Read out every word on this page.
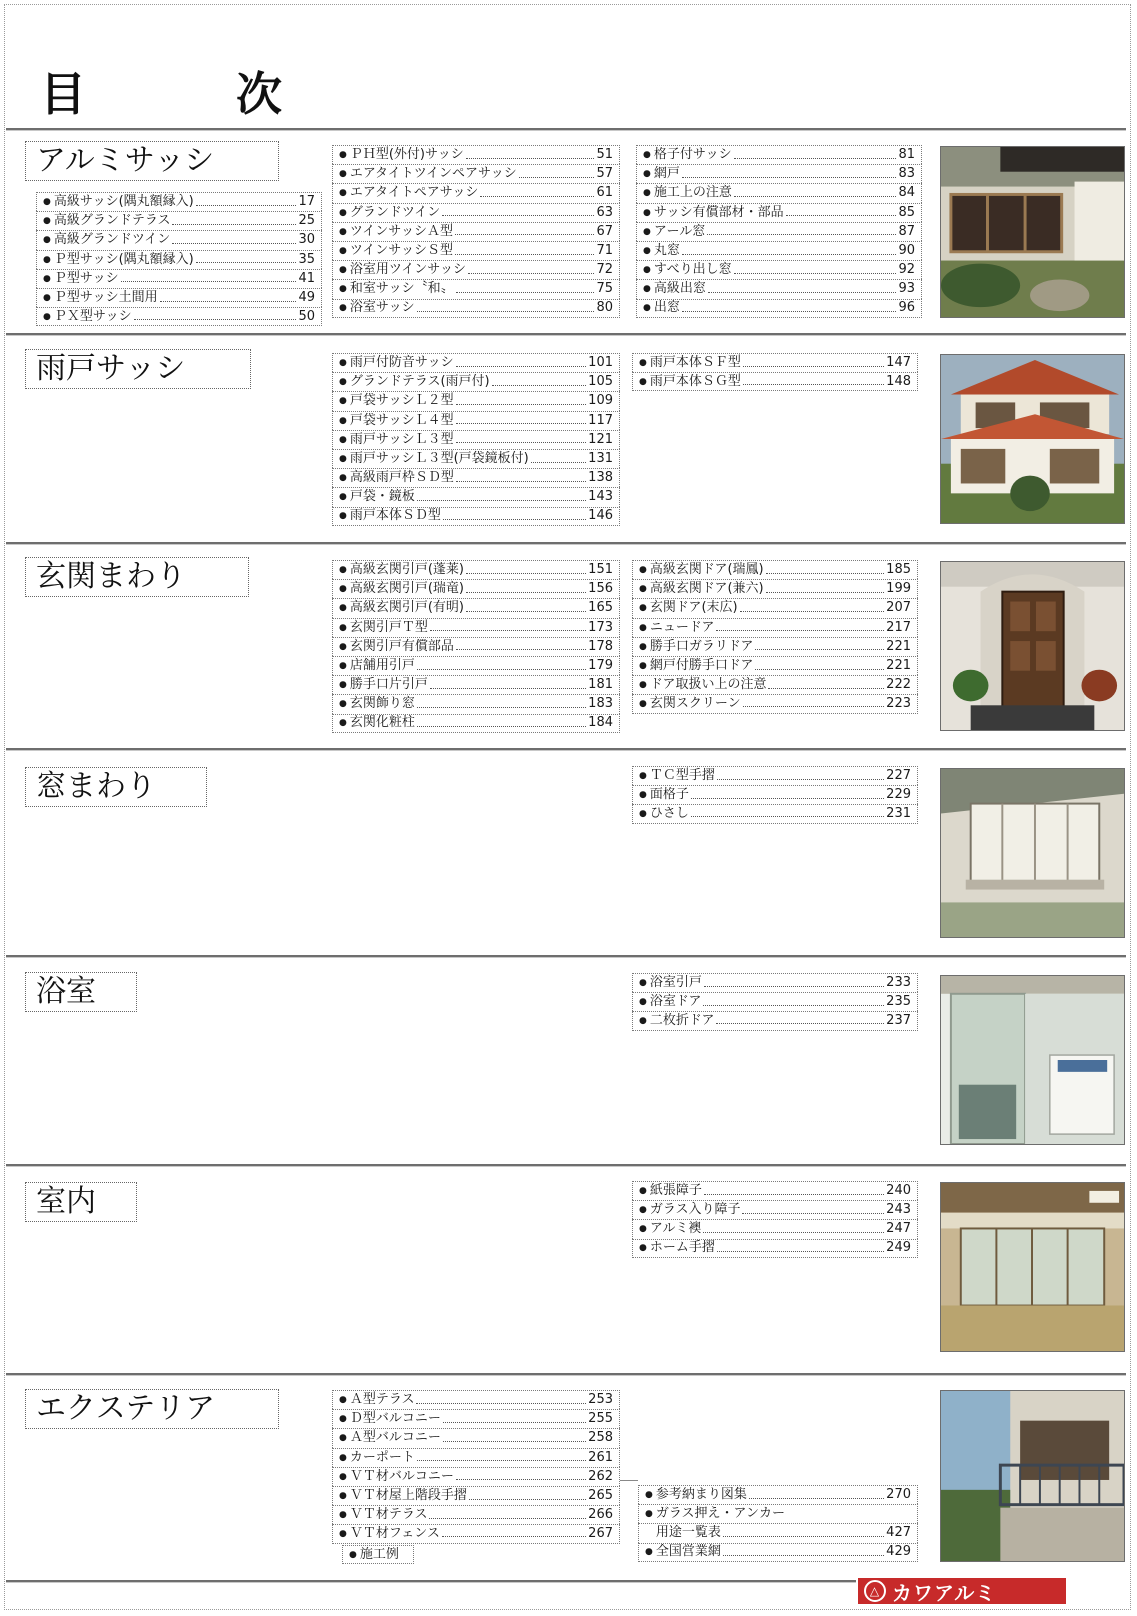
目　次
アルミサッシ
● 高級サッシ(隅丸額縁入)	17
● 高級グランドテラス	25
● 高級グランドツイン	30
● Ｐ型サッシ(隅丸額縁入)	35
● Ｐ型サッシ	41
● Ｐ型サッシ土間用	49
● ＰＸ型サッシ	50
● ＰＨ型(外付)サッシ	51
● エアタイトツインペアサッシ	57
● エアタイトペアサッシ	61
● グランドツイン	63
● ツインサッシＡ型	67
● ツインサッシＳ型	71
● 浴室用ツインサッシ	72
● 和室サッシ〝和〟	75
● 浴室サッシ	80
● 格子付サッシ	81
● 網戸	83
● 施工上の注意	84
● サッシ有償部材・部品	85
● アール窓	87
● 丸窓	90
● すべり出し窓	92
● 高級出窓	93
● 出窓	96
雨戸サッシ	● 雨戸付防音サッシ	101
● グランドテラス(雨戸付)	105
● 戸袋サッシＬ２型	109
● 戸袋サッシＬ４型	117
● 雨戸サッシＬ３型	121
● 雨戸サッシＬ３型(戸袋鏡板付)	131
● 高級雨戸枠ＳＤ型	138
● 戸袋・鏡板	143
● 雨戸本体ＳＤ型	146
● 雨戸本体ＳＦ型	147
● 雨戸本体ＳＧ型	148
玄関まわり	● 高級玄関引戸(蓬莱)	151
● 高級玄関引戸(瑞竜)	156
● 高級玄関引戸(有明)	165
● 玄関引戸Ｔ型	173
● 玄関引戸有償部品	178
● 店舗用引戸	179
● 勝手口片引戸	181
● 玄関飾り窓	183
● 玄関化粧柱	184
● 高級玄関ドア(瑞鳳)	185
● 高級玄関ドア(兼六)	199
● 玄関ドア(末広)	207
● ニュードア	217
● 勝手口ガラリドア	221
● 網戸付勝手口ドア	221
● ドア取扱い上の注意	222
● 玄関スクリーン	223
窓まわり	● ＴＣ型手摺	227
● 面格子	229
● ひさし	231
浴室	● 浴室引戸	233
● 浴室ドア	235
● 二枚折ドア	237
室内	● 紙張障子	240
● ガラス入り障子	243
● アルミ襖	247
● ホーム手摺	249
エクステリア	● Ａ型テラス	253
● Ｄ型バルコニー	255
● Ａ型バルコニー	258
● カーポート	261
● ＶＴ材バルコニー	262
● ＶＴ材屋上階段手摺	265
● ＶＴ材テラス	266
● ＶＴ材フェンス	267
● 施工例
● 参考納まり図集	270
● ガラス押え・アンカー
用途一覧表	427
● 全国営業網	429
△ カワアルミ
